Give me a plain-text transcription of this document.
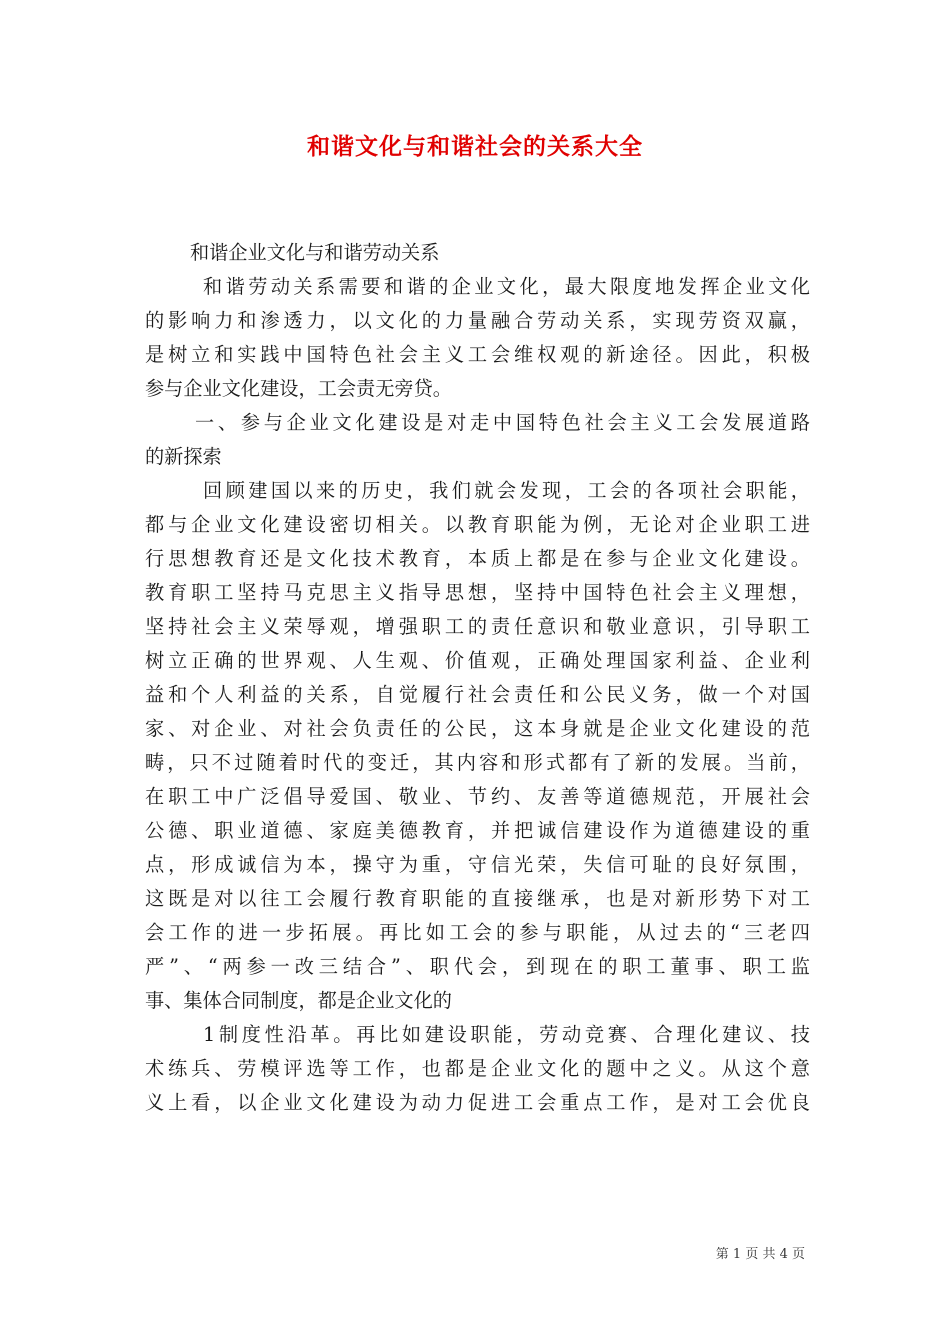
和谐文化与和谐社会的关系大全

和谐企业文化与和谐劳动关系

和谐劳动关系需要和谐的企业文化，最大限度地发挥企业文化
的影响力和渗透力，以文化的力量融合劳动关系，实现劳资双赢，
是树立和实践中国特色社会主义工会维权观的新途径。因此，积极
参与企业文化建设，工会责无旁贷。

一、参与企业文化建设是对走中国特色社会主义工会发展道路
的新探索

回顾建国以来的历史，我们就会发现，工会的各项社会职能，
都与企业文化建设密切相关。以教育职能为例，无论对企业职工进
行思想教育还是文化技术教育，本质上都是在参与企业文化建设。
教育职工坚持马克思主义指导思想，坚持中国特色社会主义理想，
坚持社会主义荣辱观，增强职工的责任意识和敬业意识，引导职工
树立正确的世界观、人生观、价值观，正确处理国家利益、企业利
益和个人利益的关系，自觉履行社会责任和公民义务，做一个对国
家、对企业、对社会负责任的公民，这本身就是企业文化建设的范
畴，只不过随着时代的变迁，其内容和形式都有了新的发展。当前，
在职工中广泛倡导爱国、敬业、节约、友善等道德规范，开展社会
公德、职业道德、家庭美德教育，并把诚信建设作为道德建设的重
点，形成诚信为本，操守为重，守信光荣，失信可耻的良好氛围，
这既是对以往工会履行教育职能的直接继承，也是对新形势下对工
会工作的进一步拓展。再比如工会的参与职能，从过去的“三老四
严”、“两参一改三结合”、职代会，到现在的职工董事、职工监
事、集体合同制度，都是企业文化的

1制度性沿革。再比如建设职能，劳动竞赛、合理化建议、技
术练兵、劳模评选等工作，也都是企业文化的题中之义。从这个意
义上看，以企业文化建设为动力促进工会重点工作，是对工会优良

第 1 页 共 4 页
